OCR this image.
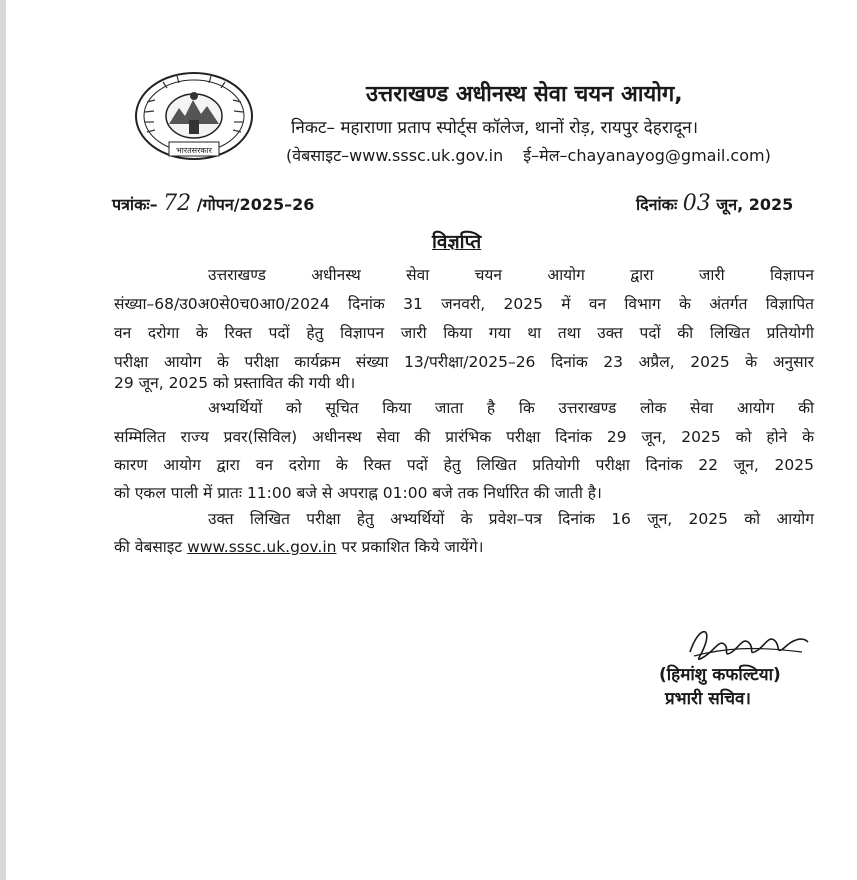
भारतसरकार
उत्तराखण्ड अधीनस्थ सेवा चयन आयोग,
निकट– महाराणा प्रताप स्पोर्ट्स कॉलेज, थानों रोड़, रायपुर देहरादून।
(वेबसाइट–www.sssc.uk.gov.in ई–मेल–chayanayog@gmail.com)
पत्रांकः– 72 /गोपन/2025–26	दिनांकः 03 जून, 2025
विज्ञप्ति
उत्तराखण्ड अधीनस्थ सेवा चयन आयोग द्वारा जारी विज्ञापन
संख्या–68/उ0अ0से0च0आ0/2024 दिनांक 31 जनवरी, 2025 में वन विभाग के अंतर्गत विज्ञापित
वन दरोगा के रिक्त पदों हेतु विज्ञापन जारी किया गया था तथा उक्त पदों की लिखित प्रतियोगी
परीक्षा आयोग के परीक्षा कार्यक्रम संख्या 13/परीक्षा/2025–26 दिनांक 23 अप्रैल, 2025 के अनुसार
29 जून, 2025 को प्रस्तावित की गयी थी।
अभ्यर्थियों को सूचित किया जाता है कि उत्तराखण्ड लोक सेवा आयोग की
सम्मिलित राज्य प्रवर(सिविल) अधीनस्थ सेवा की प्रारंभिक परीक्षा दिनांक 29 जून, 2025 को होने के
कारण आयोग द्वारा वन दरोगा के रिक्त पदों हेतु लिखित प्रतियोगी परीक्षा दिनांक 22 जून, 2025
को एकल पाली में प्रातः 11:00 बजे से अपराह्न 01:00 बजे तक निर्धारित की जाती है।
उक्त लिखित परीक्षा हेतु अभ्यर्थियों के प्रवेश–पत्र दिनांक 16 जून, 2025 को आयोग
की वेबसाइट www.sssc.uk.gov.in पर प्रकाशित किये जायेंगे।
(हिमांशु कफल्टिया)
प्रभारी सचिव।
